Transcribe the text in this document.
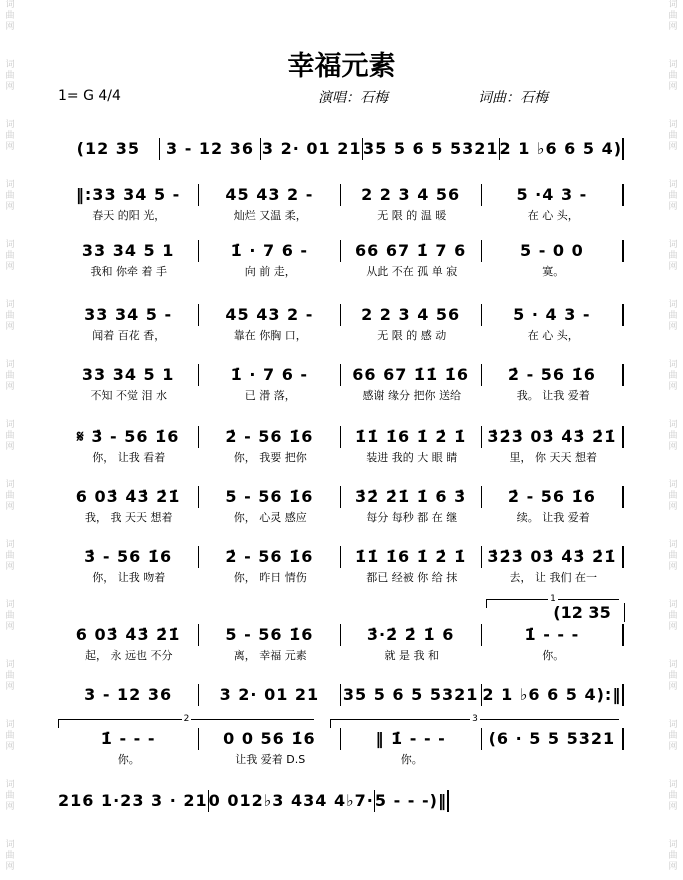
词曲网
词曲网
词曲网
词曲网
词曲网
词曲网
词曲网
词曲网
词曲网
词曲网
词曲网
词曲网
词曲网
词曲网
词曲网
词曲网
词曲网
词曲网
词曲网
词曲网
词曲网
词曲网
词曲网
词曲网
词曲网
词曲网
词曲网
词曲网
词曲网
词曲网
幸福元素
1= G 4/4	演唱：石梅	词曲：石梅
(12 35	3 - 12 36 3 2· 01 21 35 5 6 5 5321 2 1 ♭6 6 5 4)
‖:33 34 5 -	45 43 2 -	2 2 3 4 56	5 ·4 3 -
春天 的阳 光，	灿烂 又温 柔，	无 限 的 温 暖	在 心 头，
33 34 5 1	1̇ · 7 6 -	66 67 1̇ 7 6	5 - 0 0
我和 你牵 着 手	向 前 走，	从此 不在 孤 单 寂	寞。
33 34 5 -	45 43 2 -	2 2 3 4 56	5 · 4 3 -
闻着 百花 香，	靠在 你胸 口，	无 限 的 感 动	在 心 头，
33 34 5 1	1̇ · 7 6 -	66 67 1̇1̇ 1̇6	2̇ - 56 1̇6
不知 不觉 泪 水	已 滑 落，	感谢 缘分 把你 送给	我。 让我 爱着
𝄋 3̇ - 56 1̇6	2̇ - 56 1̇6	1̇1̇ 1̇6 1̇ 2̇ 1̇	3̇2̇3̇ 03̇ 4̇3̇ 2̇1̇
你， 让我 看着	你， 我要 把你	装进 我的 大 眼 睛	里， 你 天天 想着
6 03̇ 4̇3̇ 2̇1̇	5 - 56 1̇6	3̇2̇ 2̇1̇ 1̇ 6 3̇	2̇ - 56 1̇6
我， 我 天天 想着	你， 心灵 感应	每分 每秒 都 在 继	续。 让我 爱着
3̇ - 56 1̇6	2̇ - 56 1̇6	1̇1̇ 1̇6 1̇ 2̇ 1̇	3̇2̇3̇ 03̇ 4̇3̇ 2̇1̇
你， 让我 吻着	你， 昨日 情伤	都已 经被 你 给 抹	去， 让 我们 在一
6 03̇ 4̇3̇ 2̇1̇	5 - 56 1̇6	3̇·2̇ 2̇ 1̇ 6	1̇ - - -
起， 永 远也 不分	离， 幸福 元素	就 是 我 和	你。
3 - 12 36	3 2· 01 21	35 5 6 5 5321 2 1 ♭6 6 5 4):‖
1̇ - - -	0 0 56 1̇6	‖ 1̇ - - -	(6 · 5 5 5321
你。	让我 爱着 D.S	你。
216 1·23 3 · 21 0 012♭3 434 4♭7· 5 - - -)‖
1
(12 35
2	3
